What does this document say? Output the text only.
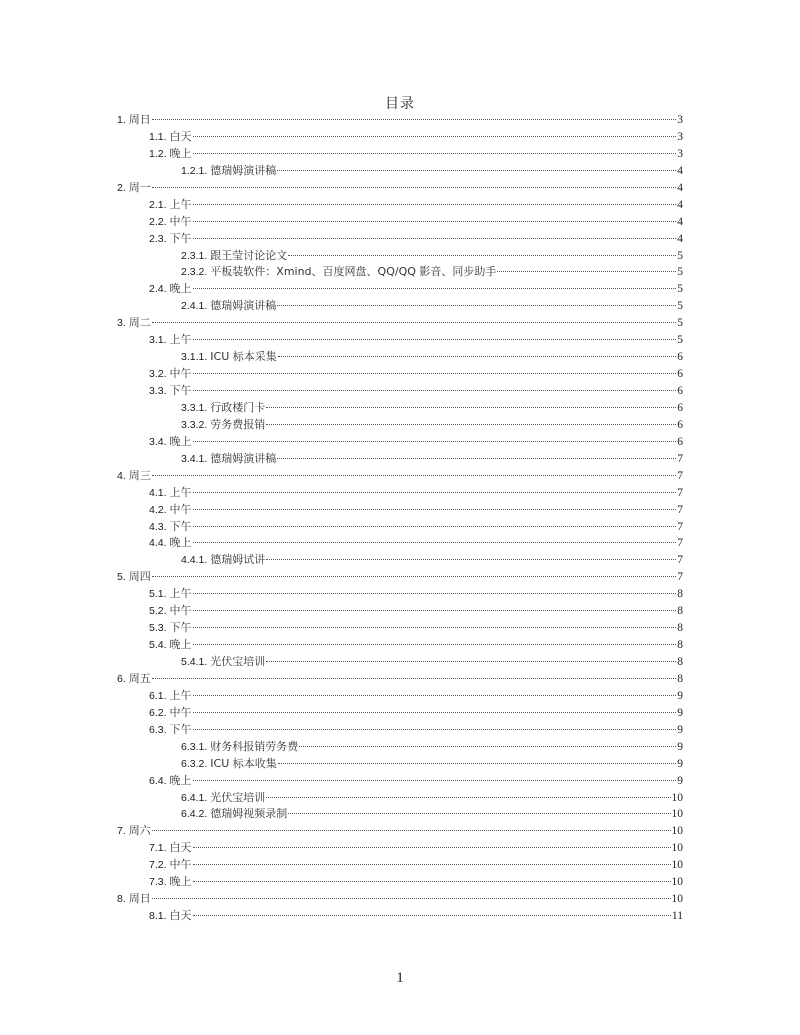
目录
1. 周日	3
1.1. 白天	3
1.2. 晚上	3
1.2.1. 德瑞姆演讲稿	4
2. 周一	4
2.1. 上午	4
2.2. 中午	4
2.3. 下午	4
2.3.1. 跟王莹讨论论文	5
2.3.2. 平板装软件：Xmind、百度网盘、QQ/QQ 影音、同步助手	5
2.4. 晚上	5
2.4.1. 德瑞姆演讲稿	5
3. 周二	5
3.1. 上午	5
3.1.1. ICU 标本采集	6
3.2. 中午	6
3.3. 下午	6
3.3.1. 行政楼门卡	6
3.3.2. 劳务费报销	6
3.4. 晚上	6
3.4.1. 德瑞姆演讲稿	7
4. 周三	7
4.1. 上午	7
4.2. 中午	7
4.3. 下午	7
4.4. 晚上	7
4.4.1. 德瑞姆试讲	7
5. 周四	7
5.1. 上午	8
5.2. 中午	8
5.3. 下午	8
5.4. 晚上	8
5.4.1. 光伏宝培训	8
6. 周五	8
6.1. 上午	9
6.2. 中午	9
6.3. 下午	9
6.3.1. 财务科报销劳务费	9
6.3.2. ICU 标本收集	9
6.4. 晚上	9
6.4.1. 光伏宝培训	10
6.4.2. 德瑞姆视频录制	10
7. 周六	10
7.1. 白天	10
7.2. 中午	10
7.3. 晚上	10
8. 周日	10
8.1. 白天	11
1
